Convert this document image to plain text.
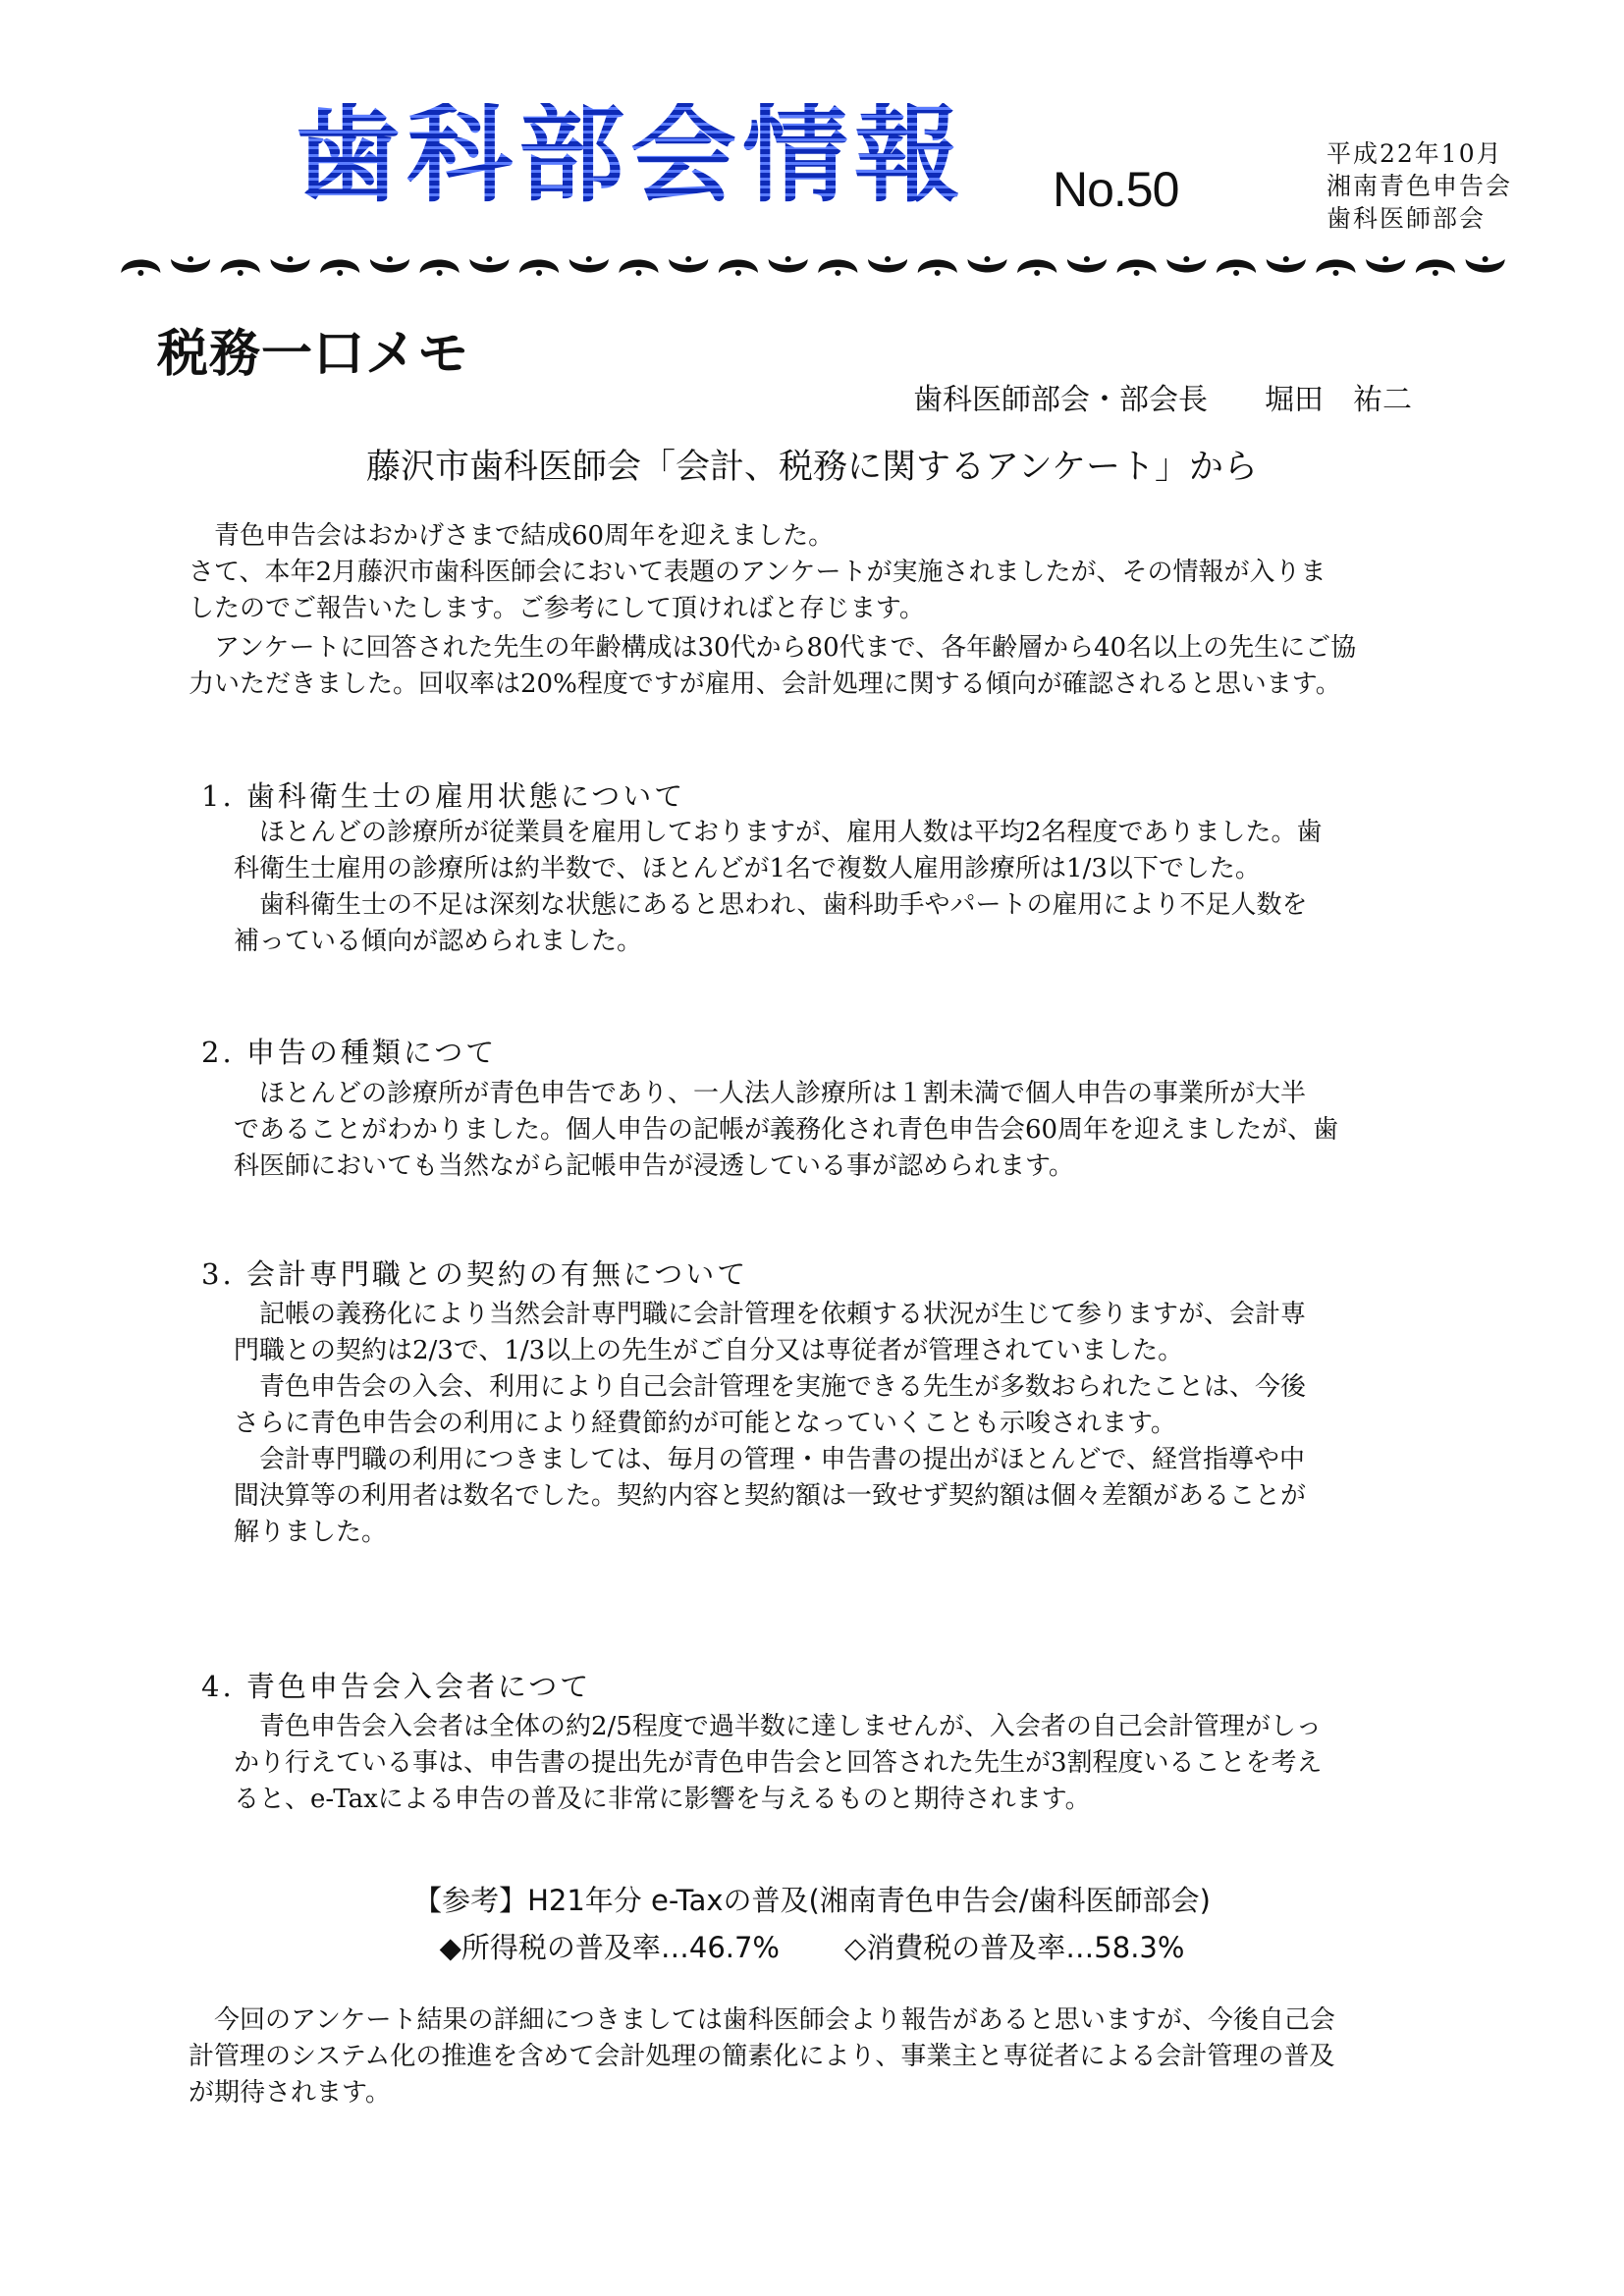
歯科部会情報 No.50
平成22年10月
湘南青色申告会
歯科医師部会
税務一口メモ
歯科医師部会・部会長 堀田　祐二
藤沢市歯科医師会「会計、税務に関するアンケート」から
　青色申告会はおかげさまで結成60周年を迎えました。
さて、本年2月藤沢市歯科医師会において表題のアンケートが実施されましたが、その情報が入りま
したのでご報告いたします。ご参考にして頂ければと存じます。
　アンケートに回答された先生の年齢構成は30代から80代まで、各年齢層から40名以上の先生にご協
力いただきました。回収率は20%程度ですが雇用、会計処理に関する傾向が確認されると思います。
1. 歯科衛生士の雇用状態について
　ほとんどの診療所が従業員を雇用しておりますが、雇用人数は平均2名程度でありました。歯
科衛生士雇用の診療所は約半数で、ほとんどが1名で複数人雇用診療所は1/3以下でした。
　歯科衛生士の不足は深刻な状態にあると思われ、歯科助手やパートの雇用により不足人数を
補っている傾向が認められました。
2. 申告の種類につて
　ほとんどの診療所が青色申告であり、一人法人診療所は１割未満で個人申告の事業所が大半
であることがわかりました。個人申告の記帳が義務化され青色申告会60周年を迎えましたが、歯
科医師においても当然ながら記帳申告が浸透している事が認められます。
3. 会計専門職との契約の有無について
　記帳の義務化により当然会計専門職に会計管理を依頼する状況が生じて参りますが、会計専
門職との契約は2/3で、1/3以上の先生がご自分又は専従者が管理されていました。
　青色申告会の入会、利用により自己会計管理を実施できる先生が多数おられたことは、今後
さらに青色申告会の利用により経費節約が可能となっていくことも示唆されます。
　会計専門職の利用につきましては、毎月の管理・申告書の提出がほとんどで、経営指導や中
間決算等の利用者は数名でした。契約内容と契約額は一致せず契約額は個々差額があることが
解りました。
4. 青色申告会入会者につて
　青色申告会入会者は全体の約2/5程度で過半数に達しませんが、入会者の自己会計管理がしっ
かり行えている事は、申告書の提出先が青色申告会と回答された先生が3割程度いることを考え
ると、e-Taxによる申告の普及に非常に影響を与えるものと期待されます。
【参考】H21年分 e-Taxの普及(湘南青色申告会/歯科医師部会)
◆所得税の普及率…46.7% ◇消費税の普及率…58.3%
　今回のアンケート結果の詳細につきましては歯科医師会より報告があると思いますが、今後自己会
計管理のシステム化の推進を含めて会計処理の簡素化により、事業主と専従者による会計管理の普及
が期待されます。
